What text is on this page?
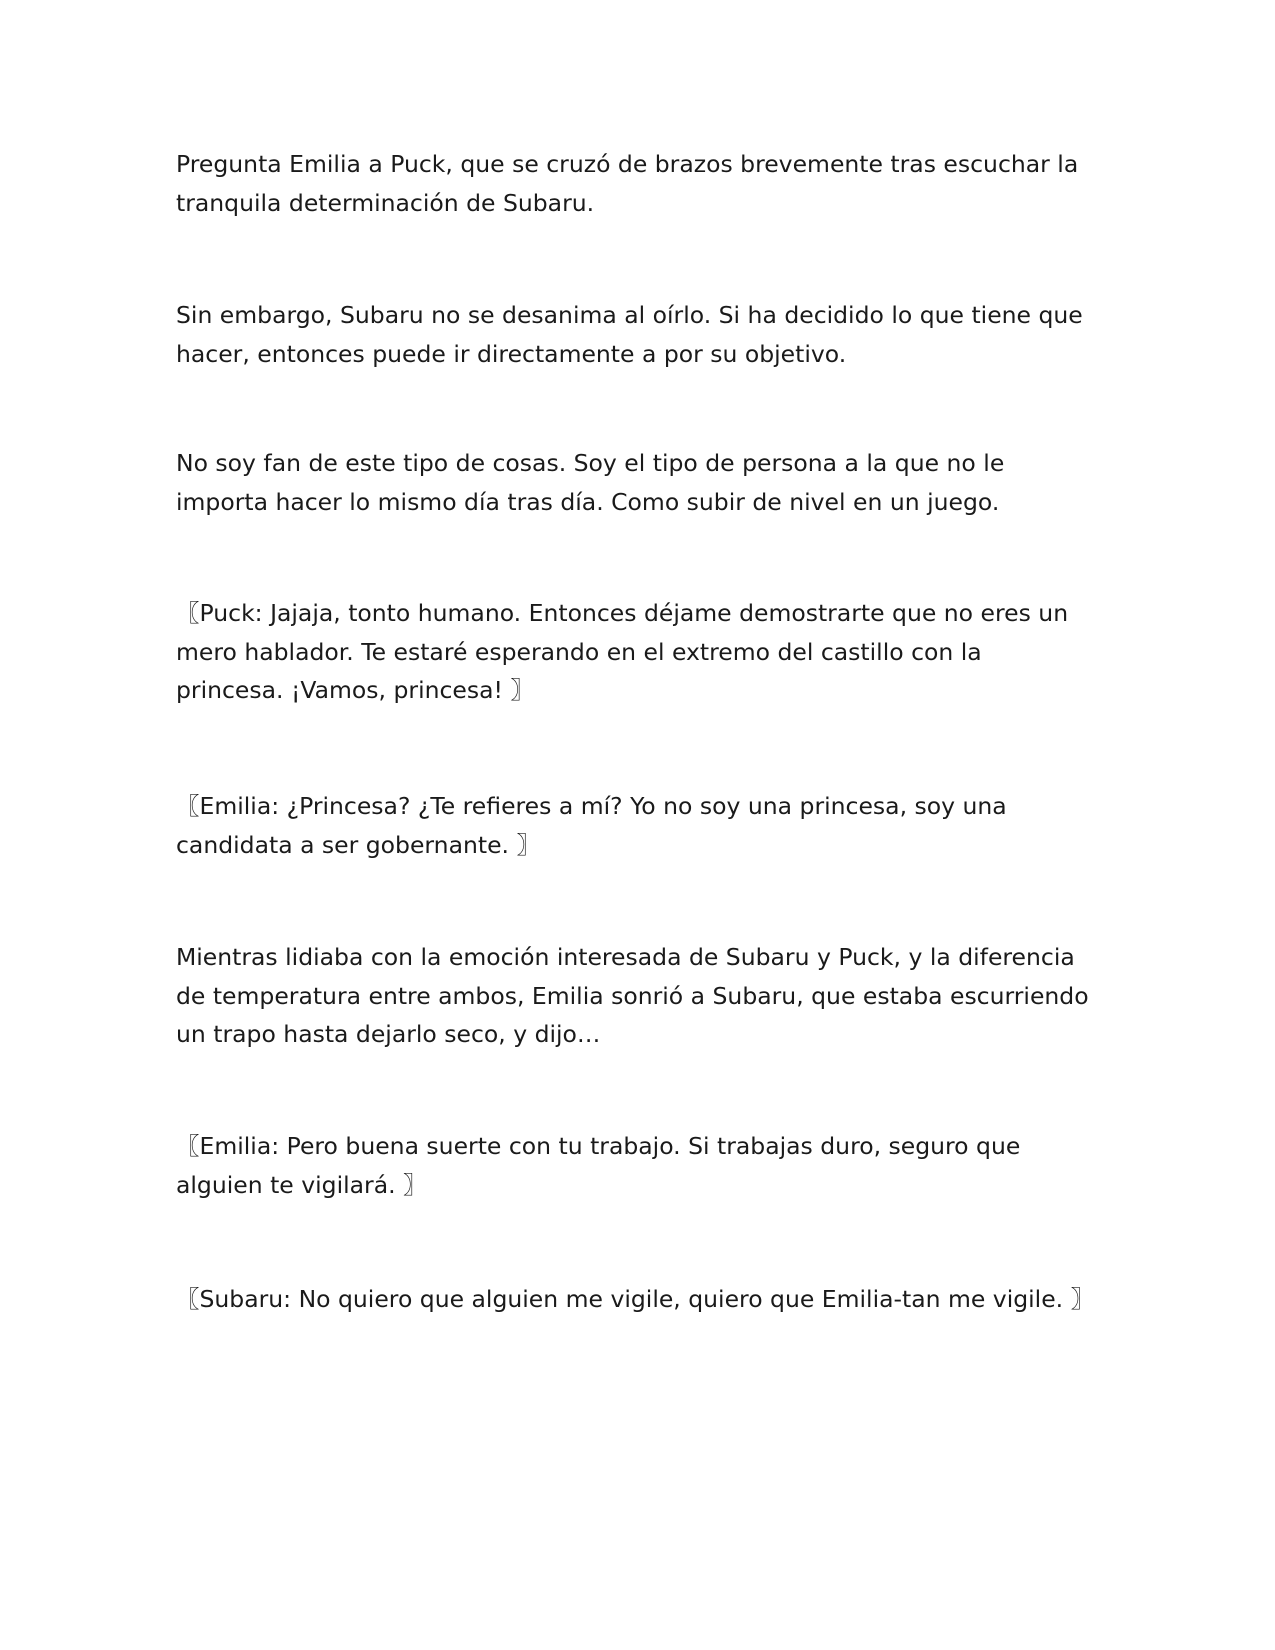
Pregunta Emilia a Puck, que se cruzó de brazos brevemente tras escuchar la tranquila determinación de Subaru.

Sin embargo, Subaru no se desanima al oírlo. Si ha decidido lo que tiene que hacer, entonces puede ir directamente a por su objetivo.

No soy fan de este tipo de cosas. Soy el tipo de persona a la que no le importa hacer lo mismo día tras día. Como subir de nivel en un juego.

〖Puck: Jajaja, tonto humano. Entonces déjame demostrarte que no eres un mero hablador. Te estaré esperando en el extremo del castillo con la princesa. ¡Vamos, princesa! 〗

〖Emilia: ¿Princesa? ¿Te refieres a mí? Yo no soy una princesa, soy una candidata a ser gobernante. 〗

Mientras lidiaba con la emoción interesada de Subaru y Puck, y la diferencia de temperatura entre ambos, Emilia sonrió a Subaru, que estaba escurriendo un trapo hasta dejarlo seco, y dijo…

〖Emilia: Pero buena suerte con tu trabajo. Si trabajas duro, seguro que alguien te vigilará. 〗

〖Subaru: No quiero que alguien me vigile, quiero que Emilia-tan me vigile. 〗
